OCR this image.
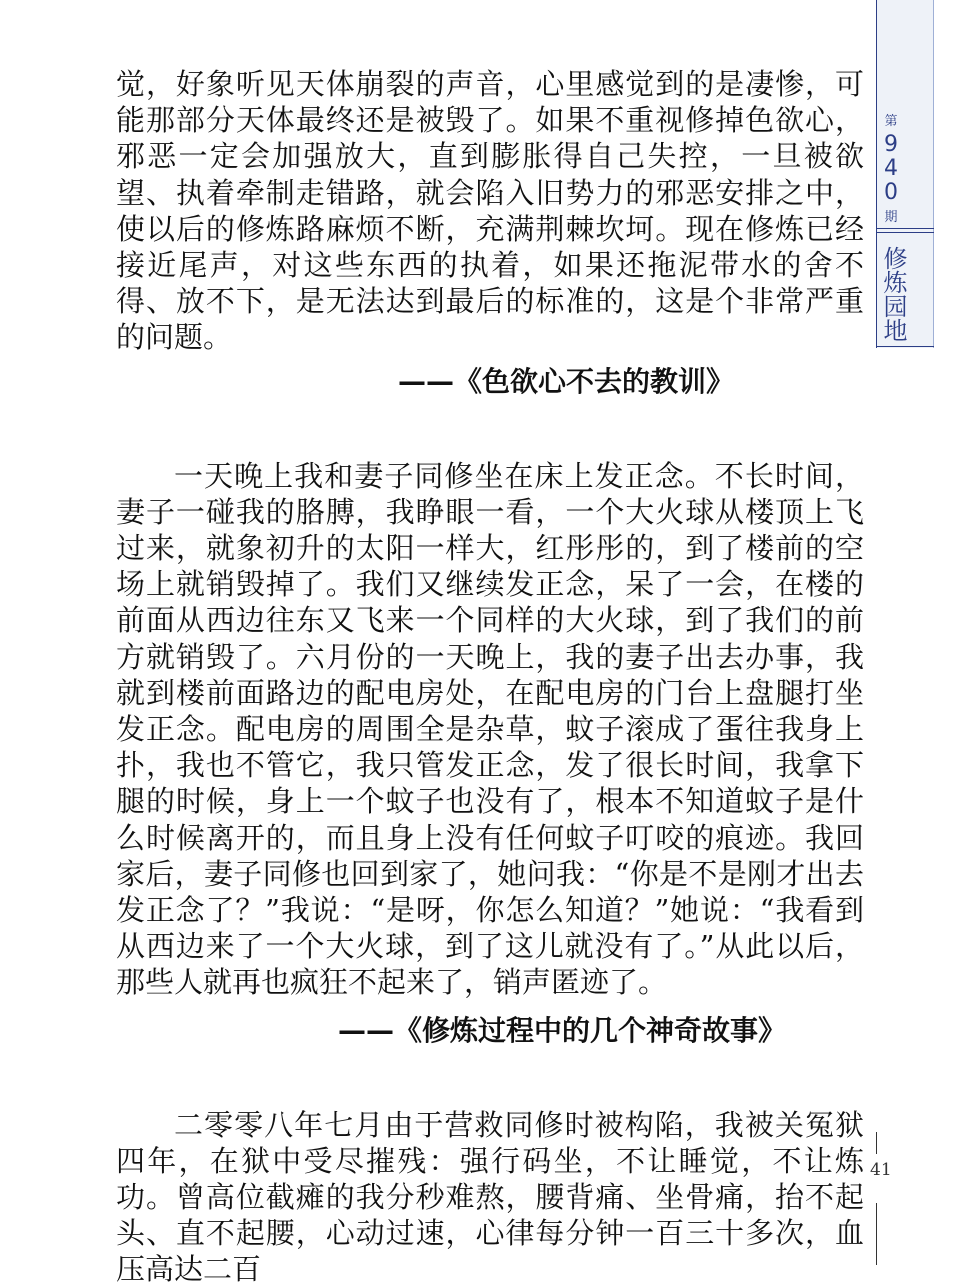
觉，好象听见天体崩裂的声音，心里感觉到的是凄惨，可能那部分天体最终还是被毁了。如果不重视修掉色欲心，邪恶一定会加强放大，直到膨胀得自己失控，一旦被欲望、执着牵制走错路，就会陷入旧势力的邪恶安排之中，使以后的修炼路麻烦不断，充满荆棘坎坷。现在修炼已经接近尾声，对这些东西的执着，如果还拖泥带水的舍不得、放不下，是无法达到最后的标准的，这是个非常严重的问题。

——《色欲心不去的教训》

一天晚上我和妻子同修坐在床上发正念。不长时间，妻子一碰我的胳膊，我睁眼一看，一个大火球从楼顶上飞过来，就象初升的太阳一样大，红彤彤的，到了楼前的空场上就销毁掉了。我们又继续发正念，呆了一会，在楼的前面从西边往东又飞来一个同样的大火球，到了我们的前方就销毁了。六月份的一天晚上，我的妻子出去办事，我就到楼前面路边的配电房处，在配电房的门台上盘腿打坐发正念。配电房的周围全是杂草，蚊子滚成了蛋往我身上扑，我也不管它，我只管发正念，发了很长时间，我拿下腿的时候，身上一个蚊子也没有了，根本不知道蚊子是什么时候离开的，而且身上没有任何蚊子叮咬的痕迹。我回家后，妻子同修也回到家了，她问我：“你是不是刚才出去发正念了？”我说：“是呀，你怎么知道？”她说：“我看到从西边来了一个大火球，到了这儿就没有了。”从此以后，那些人就再也疯狂不起来了，销声匿迹了。

——《修炼过程中的几个神奇故事》

二零零八年七月由于营救同修时被构陷，我被关冤狱四年，在狱中受尽摧残：强行码坐，不让睡觉，不让炼功。曾高位截瘫的我分秒难熬，腰背痛、坐骨痛，抬不起头、直不起腰，心动过速，心律每分钟一百三十多次，血压高达二百

第
9
4
0
期
修炼园地
41
